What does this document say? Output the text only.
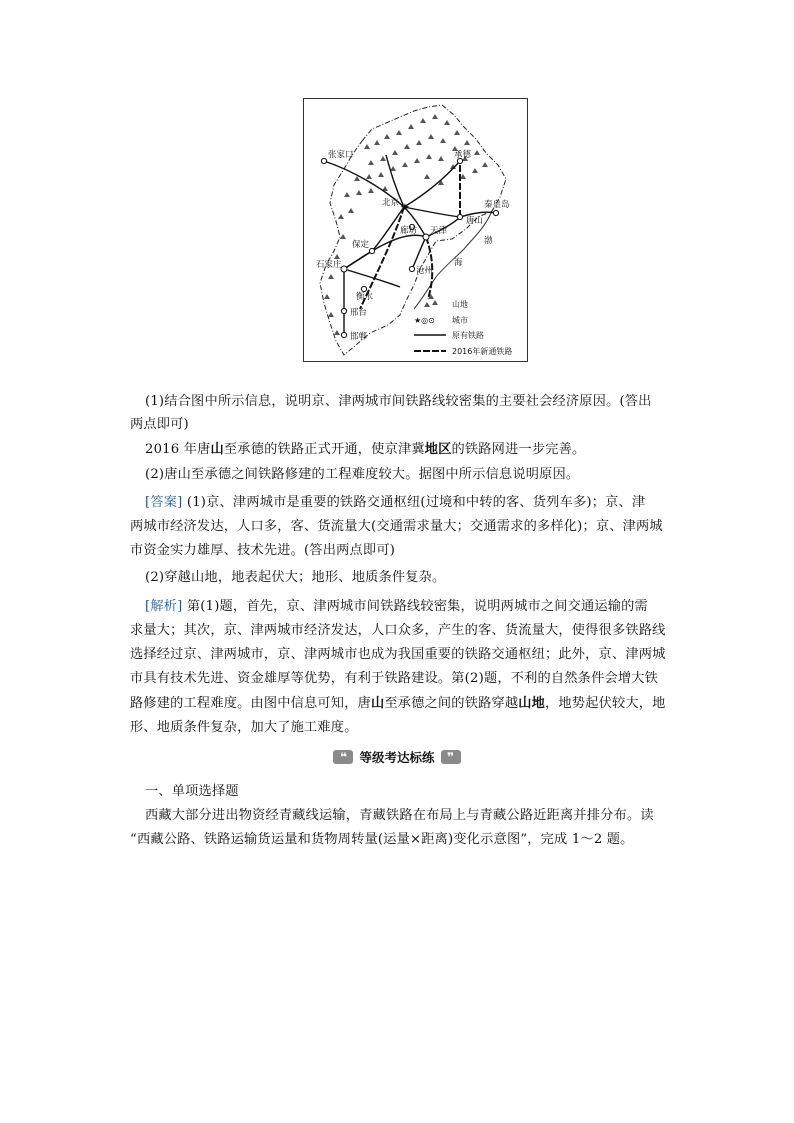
★
张家口	承德
北京	秦皇岛
唐山
廊坊 天津
保定
石家庄
沧州
衡水
邢台
邯郸
渤
海
山地
★◎⊙ 城市
原有铁路
2016年新通铁路

(1)结合图中所示信息，说明京、津两城市间铁路线较密集的主要社会经济原因。(答出

两点即可)

2016 年唐山至承德的铁路正式开通，使京津冀地区的铁路网进一步完善。

(2)唐山至承德之间铁路修建的工程难度较大。据图中所示信息说明原因。

[答案] (1)京、津两城市是重要的铁路交通枢纽(过境和中转的客、货列车多)；京、津

两城市经济发达，人口多，客、货流量大(交通需求量大；交通需求的多样化)；京、津两城

市资金实力雄厚、技术先进。(答出两点即可)

(2)穿越山地，地表起伏大；地形、地质条件复杂。

[解析] 第(1)题，首先，京、津两城市间铁路线较密集，说明两城市之间交通运输的需

求量大；其次，京、津两城市经济发达，人口众多，产生的客、货流量大，使得很多铁路线

选择经过京、津两城市，京、津两城市也成为我国重要的铁路交通枢纽；此外，京、津两城

市具有技术先进、资金雄厚等优势，有利于铁路建设。第(2)题，不利的自然条件会增大铁

路修建的工程难度。由图中信息可知，唐山至承德之间的铁路穿越山地，地势起伏较大，地

形、地质条件复杂，加大了施工难度。

❝ 等级考达标练	❞

一、单项选择题

西藏大部分进出物资经青藏线运输，青藏铁路在布局上与青藏公路近距离并排分布。读

“西藏公路、铁路运输货运量和货物周转量(运量×距离)变化示意图”，完成 1～2 题。
